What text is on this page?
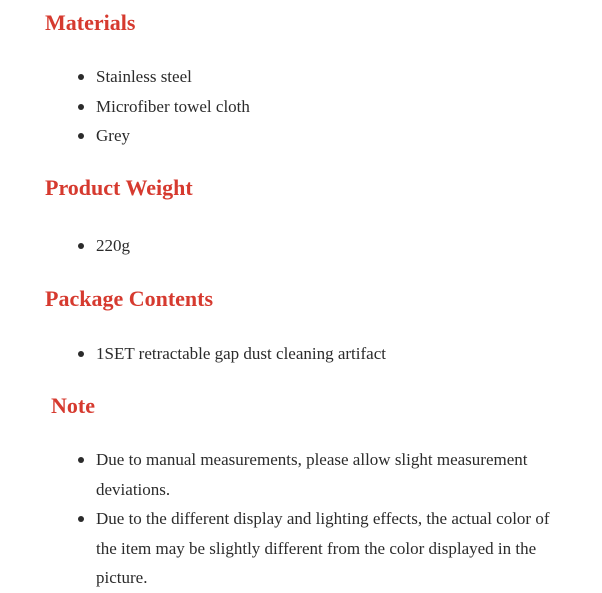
Materials
Stainless steel
Microfiber towel cloth
Grey
Product Weight
220g
Package Contents
1SET retractable gap dust cleaning artifact
Note
Due to manual measurements, please allow slight measurement deviations.
Due to the different display and lighting effects, the actual color of the item may be slightly different from the color displayed in the picture.
